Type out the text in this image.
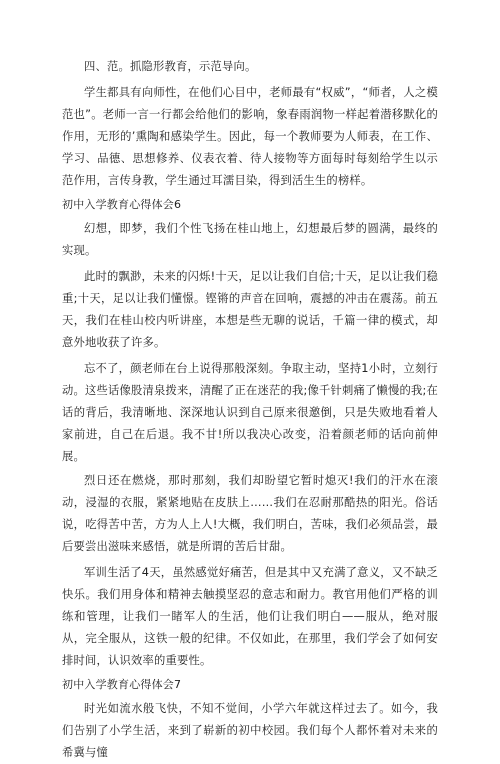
四、范。抓隐形教育，示范导向。

学生都具有向师性，在他们心目中，老师最有“权威”，“师者，人之模范也”。老师一言一行都会给他们的影响，象春雨润物一样起着潜移默化的作用，无形的’熏陶和感染学生。因此，每一个教师要为人师表，在工作、学习、品德、思想修养、仪表衣着、待人接物等方面每时每刻给学生以示范作用，言传身教，学生通过耳濡目染，得到活生生的榜样。

初中入学教育心得体会6

幻想，即梦，我们个性飞扬在桂山地上，幻想最后梦的圆满，最终的实现。

此时的飘渺，未来的闪烁!十天，足以让我们自信;十天，足以让我们稳重;十天，足以让我们懂憬。铿锵的声音在回响，震撼的冲击在震荡。前五天，我们在桂山校内听讲座，本想是些无聊的说话，千篇一律的模式，却意外地收获了许多。

忘不了，颜老师在台上说得那般深刻。争取主动，坚持1小时，立刻行动。这些话像股清泉拨来，清醒了正在迷茫的我;像千针刺痛了懒慢的我;在话的背后，我清晰地、深深地认识到自己原来很邀倒，只是失败地看着人家前进，自己在后退。我不甘!所以我决心改变，沿着颜老师的话向前伸展。

烈日还在燃烧，那时那刻，我们却盼望它暂时熄灭!我们的汗水在滚动，浸湿的衣服，紧紧地贴在皮肤上……我们在忍耐那酷热的阳光。俗话说，吃得苦中苦，方为人上人!大概，我们明白，苦味，我们必须品尝，最后要尝出滋味来感悟，就是所谓的苦后甘甜。

军训生活了4天，虽然感觉好痛苦，但是其中又充满了意义，又不缺乏快乐。我们用身体和精神去触摸坚忍的意志和耐力。教官用他们严格的训练和管理，让我们一睹军人的生活，他们让我们明白——服从，绝对服从，完全服从，这铁一般的纪律。不仅如此，在那里，我们学会了如何安排时间，认识效率的重要性。

初中入学教育心得体会7

时光如流水般飞快，不知不觉间，小学六年就这样过去了。如今，我们告别了小学生活，来到了崭新的初中校园。我们每个人都怀着对未来的希冀与憧
